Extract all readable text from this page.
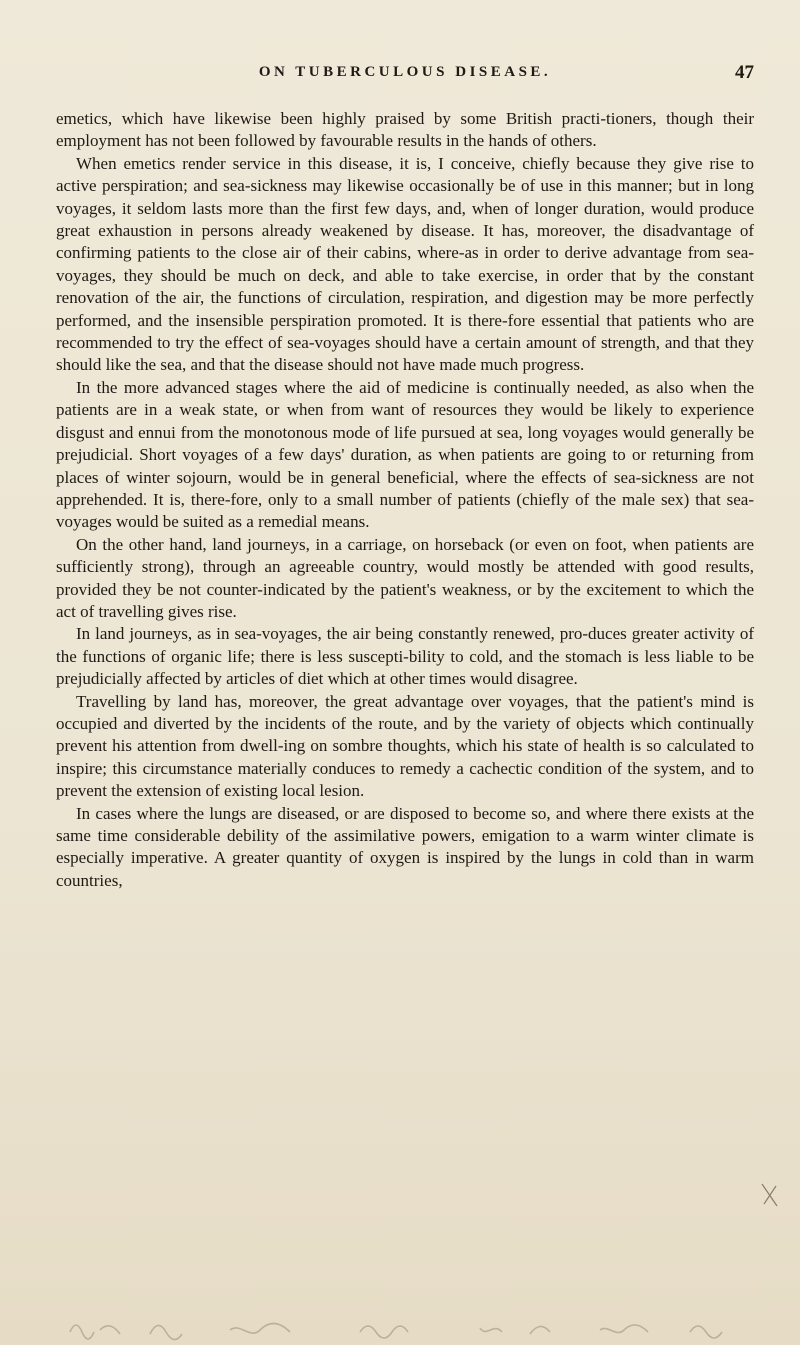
ON TUBERCULOUS DISEASE.	47

emetics, which have likewise been highly praised by some British practi-tioners, though their employment has not been followed by favourable results in the hands of others.

When emetics render service in this disease, it is, I conceive, chiefly because they give rise to active perspiration; and sea-sickness may likewise occasionally be of use in this manner; but in long voyages, it seldom lasts more than the first few days, and, when of longer duration, would produce great exhaustion in persons already weakened by disease. It has, moreover, the disadvantage of confirming patients to the close air of their cabins, where-as in order to derive advantage from sea-voyages, they should be much on deck, and able to take exercise, in order that by the constant renovation of the air, the functions of circulation, respiration, and digestion may be more perfectly performed, and the insensible perspiration promoted. It is there-fore essential that patients who are recommended to try the effect of sea-voyages should have a certain amount of strength, and that they should like the sea, and that the disease should not have made much progress.

In the more advanced stages where the aid of medicine is continually needed, as also when the patients are in a weak state, or when from want of resources they would be likely to experience disgust and ennui from the monotonous mode of life pursued at sea, long voyages would generally be prejudicial. Short voyages of a few days' duration, as when patients are going to or returning from places of winter sojourn, would be in general beneficial, where the effects of sea-sickness are not apprehended. It is, there-fore, only to a small number of patients (chiefly of the male sex) that sea-voyages would be suited as a remedial means.

On the other hand, land journeys, in a carriage, on horseback (or even on foot, when patients are sufficiently strong), through an agreeable country, would mostly be attended with good results, provided they be not counter-indicated by the patient's weakness, or by the excitement to which the act of travelling gives rise.

In land journeys, as in sea-voyages, the air being constantly renewed, pro-duces greater activity of the functions of organic life; there is less suscepti-bility to cold, and the stomach is less liable to be prejudicially affected by articles of diet which at other times would disagree.

Travelling by land has, moreover, the great advantage over voyages, that the patient's mind is occupied and diverted by the incidents of the route, and by the variety of objects which continually prevent his attention from dwell-ing on sombre thoughts, which his state of health is so calculated to inspire; this circumstance materially conduces to remedy a cachectic condition of the system, and to prevent the extension of existing local lesion.

In cases where the lungs are diseased, or are disposed to become so, and where there exists at the same time considerable debility of the assimilative powers, emigation to a warm winter climate is especially imperative. A greater quantity of oxygen is inspired by the lungs in cold than in warm countries,
